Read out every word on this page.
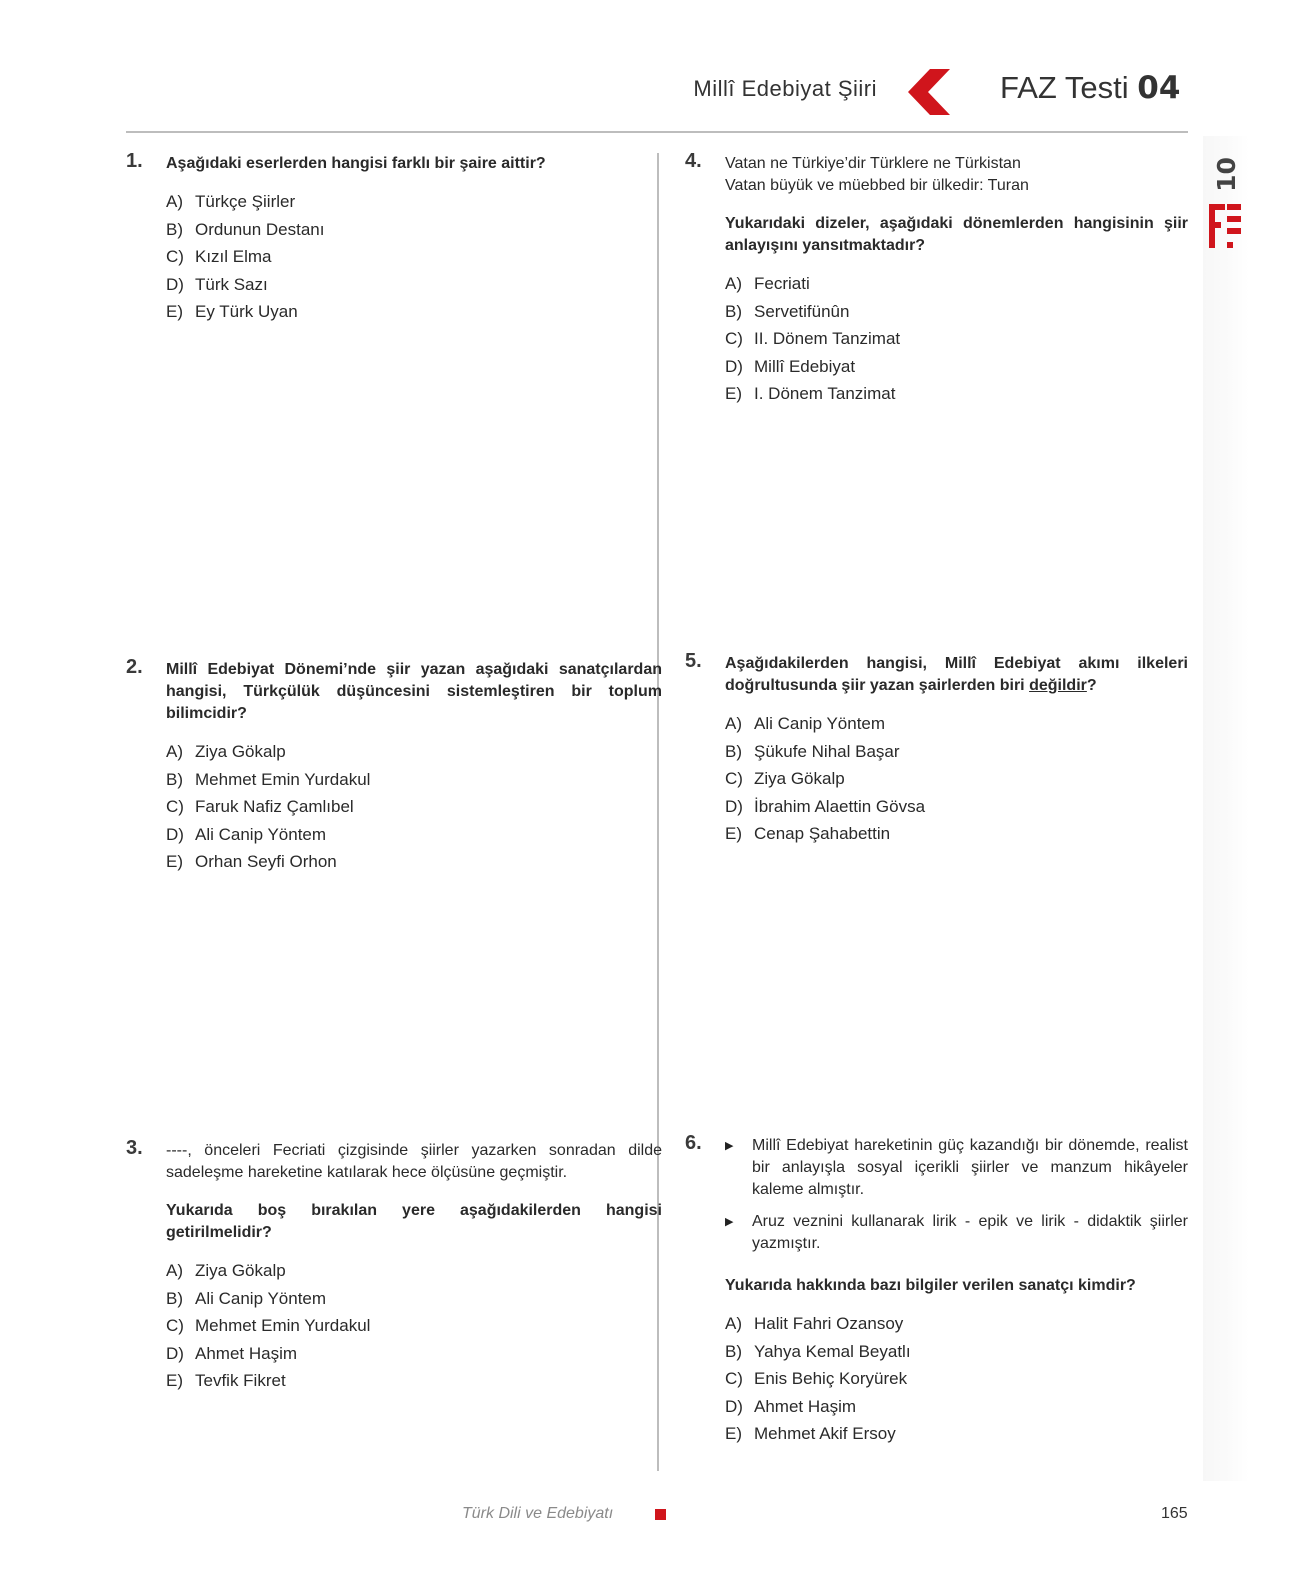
Millî Edebiyat Şiiri	FAZ Testi 04
10
1. Aşağıdaki eserlerden hangisi farklı bir şaire aittir?

A) Türkçe Şiirler
B) Ordunun Destanı
C) Kızıl Elma
D) Türk Sazı
E) Ey Türk Uyan
2. Millî Edebiyat Dönemi’nde şiir yazan aşağıdaki sanatçılardan hangisi, Türkçülük düşüncesini sistemleştiren bir toplum bilimcidir?

A) Ziya Gökalp
B) Mehmet Emin Yurdakul
C) Faruk Nafiz Çamlıbel
D) Ali Canip Yöntem
E) Orhan Seyfi Orhon
3. ----, önceleri Fecriati çizgisinde şiirler yazarken sonradan dilde sadeleşme hareketine katılarak hece ölçüsüne geçmiştir.

Yukarıda boş bırakılan yere aşağıdakilerden hangisi getirilmelidir?

A) Ziya Gökalp
B) Ali Canip Yöntem
C) Mehmet Emin Yurdakul
D) Ahmet Haşim
E) Tevfik Fikret
4. Vatan ne Türkiye’dir Türklere ne Türkistan
Vatan büyük ve müebbed bir ülkedir: Turan

Yukarıdaki dizeler, aşağıdaki dönemlerden hangisinin şiir anlayışını yansıtmaktadır?

A) Fecriati
B) Servetifünûn
C) II. Dönem Tanzimat
D) Millî Edebiyat
E) I. Dönem Tanzimat
5. Aşağıdakilerden hangisi, Millî Edebiyat akımı ilkeleri doğrultusunda şiir yazan şairlerden biri değildir?

A) Ali Canip Yöntem
B) Şükufe Nihal Başar
C) Ziya Gökalp
D) İbrahim Alaettin Gövsa
E) Cenap Şahabettin
6. ▶	Millî Edebiyat hareketinin güç kazandığı bir dönemde, realist bir anlayışla sosyal içerikli şiirler ve manzum hikâyeler kaleme almıştır.
▶	Aruz veznini kullanarak lirik - epik ve lirik - didaktik şiirler yazmıştır.

Yukarıda hakkında bazı bilgiler verilen sanatçı kimdir?

A) Halit Fahri Ozansoy
B) Yahya Kemal Beyatlı
C) Enis Behiç Koryürek
D) Ahmet Haşim
E) Mehmet Akif Ersoy
Türk Dili ve Edebiyatı	165
